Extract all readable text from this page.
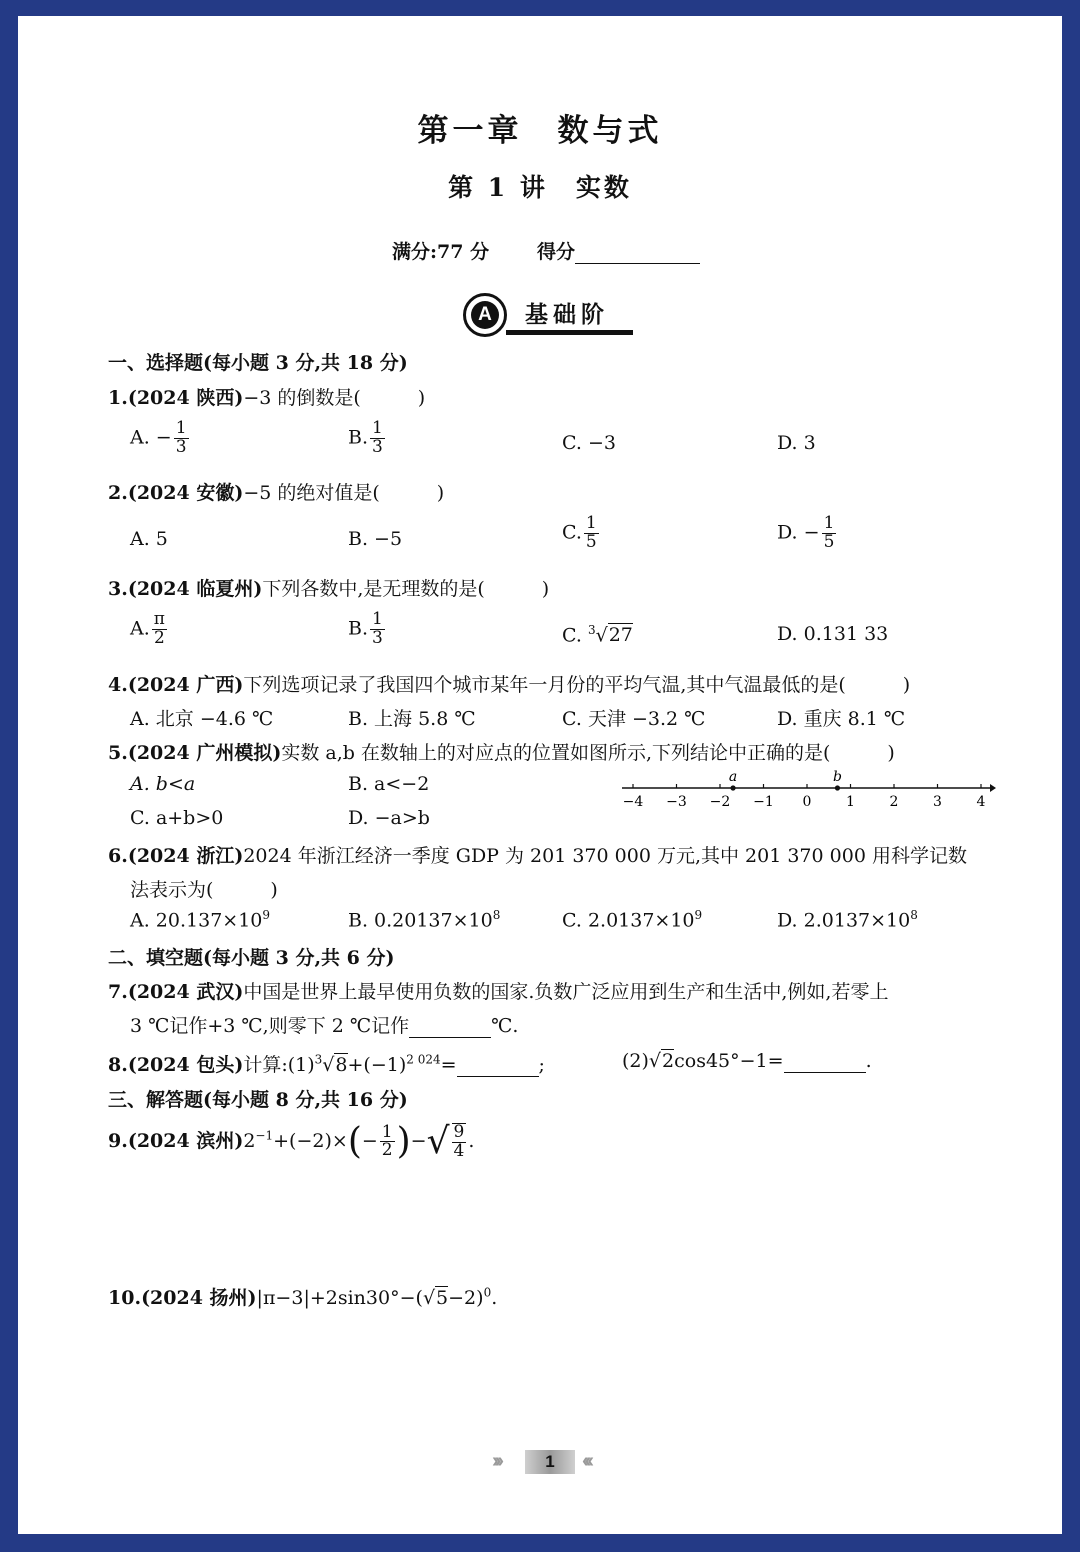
第一章　数与式
第 1 讲　实数
满分:77 分	得分
A	基础阶
一、选择题(每小题 3 分,共 18 分)
1.(2024 陕西)−3 的倒数是(　　　)
A. − $\frac{1}{3}$	B. $\frac{1}{3}$	C. −3	D. 3
2.(2024 安徽)−5 的绝对值是(　　　)
A. 5	B. −5	C. $\frac{1}{5}$	D. − $\frac{1}{5}$
3.(2024 临夏州)下列各数中,是无理数的是(　　　)
A. $\frac{\pi}{2}$	B. $\frac{1}{3}$	C. $^3$√27	D. 0.131 33
4.(2024 广西)下列选项记录了我国四个城市某年一月份的平均气温,其中气温最低的是(　　　)
A. 北京 −4.6 ℃	B. 上海 5.8 ℃	C. 天津 −3.2 ℃	D. 重庆 8.1 ℃
5.(2024 广州模拟)实数 a,b 在数轴上的对应点的位置如图所示,下列结论中正确的是(　　　)
A. b<a	B. a<−2
C. a+b>0	D. −a>b
−4 −3 −2 −1 0 1 2 3 4
a	b
6.(2024 浙江)2024 年浙江经济一季度 GDP 为 201 370 000 万元,其中 201 370 000 用科学记数
法表示为(　　　)
A. $20.137\times 10^9$	B. $0.20137\times 10^8$	C. $2.0137\times 10^9$	D. $2.0137\times 10^8$
二、填空题(每小题 3 分,共 6 分)
7.(2024 武汉)中国是世界上最早使用负数的国家.负数广泛应用到生产和生活中,例如,若零上
3 ℃记作+3 ℃,则零下 2 ℃记作	℃.
8.(2024 包头)计算$:(1)^3√8+(-1)^{2 024}=$	;	(2)√2cos45°−1=	.
三、解答题(每小题 8 分,共 16 分)
9.(2024 滨州)$2^{-1}+(-2)\times(- \frac{1}{2}$ )−√ $\frac{9}{4}$ .
10.(2024 扬州)$|\pi-3|+2\sin 30^\circ-(√5-2)^0$.
›››	1	‹‹‹
